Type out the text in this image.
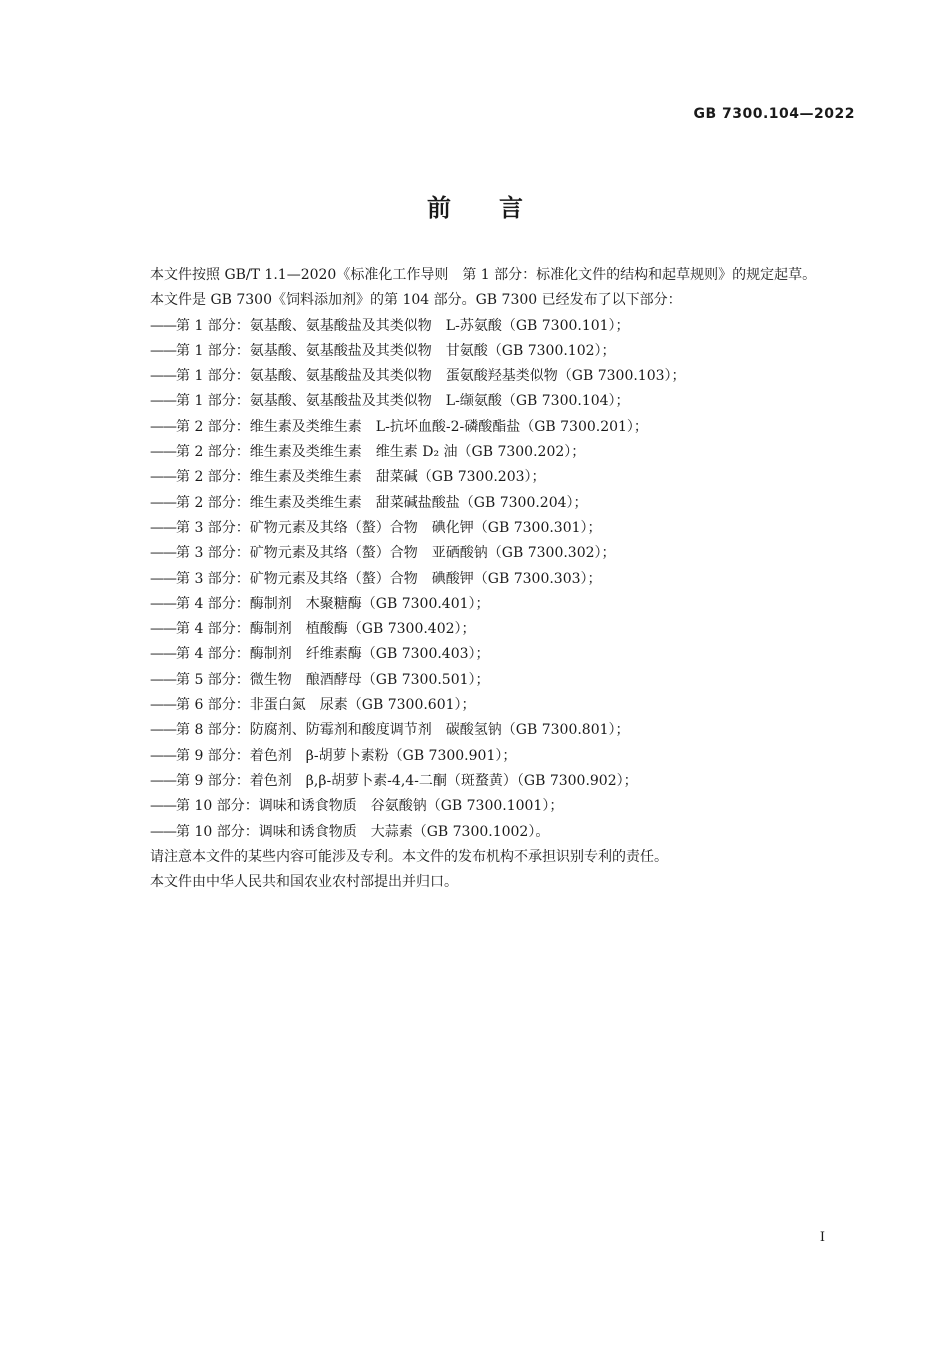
GB 7300.104—2022
前言

本文件按照 GB/T 1.1—2020《标准化工作导则　第 1 部分：标准化文件的结构和起草规则》的规定起草。

本文件是 GB 7300《饲料添加剂》的第 104 部分。GB 7300 已经发布了以下部分：

——第 1 部分：氨基酸、氨基酸盐及其类似物　L-苏氨酸（GB 7300.101）；
——第 1 部分：氨基酸、氨基酸盐及其类似物　甘氨酸（GB 7300.102）；
——第 1 部分：氨基酸、氨基酸盐及其类似物　蛋氨酸羟基类似物（GB 7300.103）；
——第 1 部分：氨基酸、氨基酸盐及其类似物　L-缬氨酸（GB 7300.104）；
——第 2 部分：维生素及类维生素　L-抗坏血酸-2-磷酸酯盐（GB 7300.201）；
——第 2 部分：维生素及类维生素　维生素 D₂ 油（GB 7300.202）；
——第 2 部分：维生素及类维生素　甜菜碱（GB 7300.203）；
——第 2 部分：维生素及类维生素　甜菜碱盐酸盐（GB 7300.204）；
——第 3 部分：矿物元素及其络（螯）合物　碘化钾（GB 7300.301）；
——第 3 部分：矿物元素及其络（螯）合物　亚硒酸钠（GB 7300.302）；
——第 3 部分：矿物元素及其络（螯）合物　碘酸钾（GB 7300.303）；
——第 4 部分：酶制剂　木聚糖酶（GB 7300.401）；
——第 4 部分：酶制剂　植酸酶（GB 7300.402）；
——第 4 部分：酶制剂　纤维素酶（GB 7300.403）；
——第 5 部分：微生物　酿酒酵母（GB 7300.501）；
——第 6 部分：非蛋白氮　尿素（GB 7300.601）；
——第 8 部分：防腐剂、防霉剂和酸度调节剂　碳酸氢钠（GB 7300.801）；
——第 9 部分：着色剂　β-胡萝卜素粉（GB 7300.901）；
——第 9 部分：着色剂　β,β-胡萝卜素-4,4-二酮（斑蝥黄）（GB 7300.902）；
——第 10 部分：调味和诱食物质　谷氨酸钠（GB 7300.1001）；
——第 10 部分：调味和诱食物质　大蒜素（GB 7300.1002）。

请注意本文件的某些内容可能涉及专利。本文件的发布机构不承担识别专利的责任。

本文件由中华人民共和国农业农村部提出并归口。

I
